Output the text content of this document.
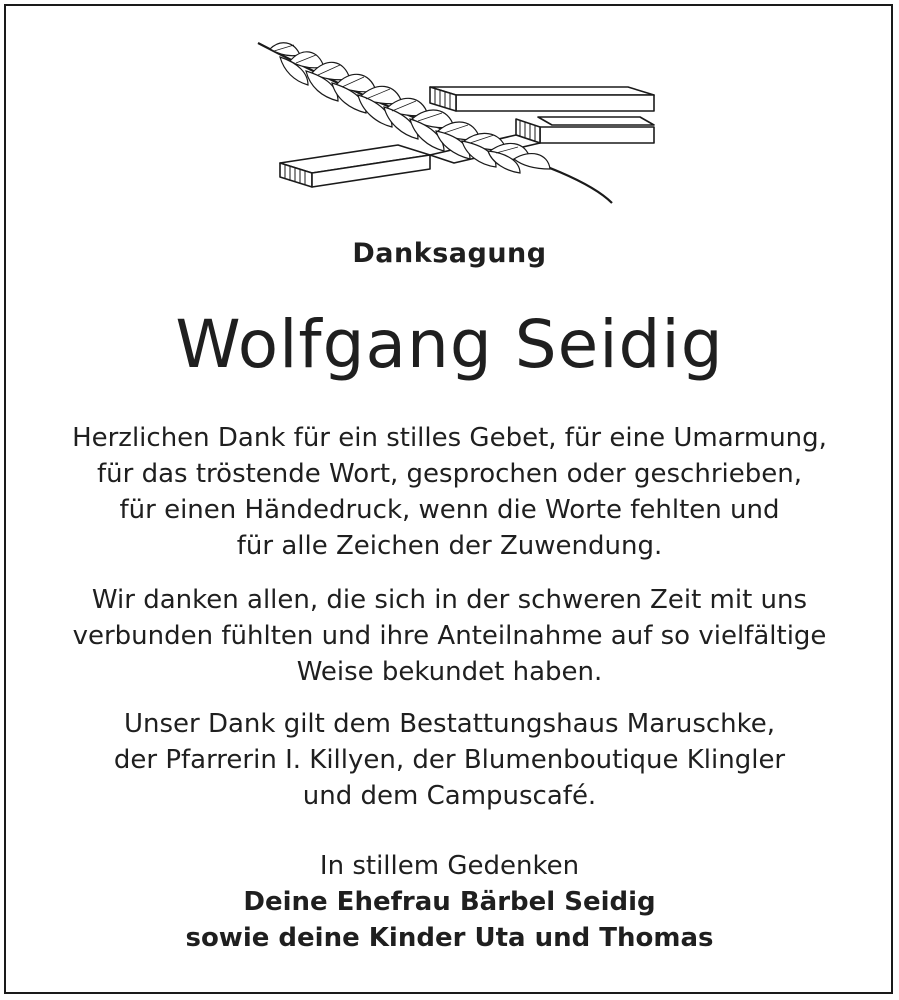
Danksagung
Wolfgang Seidig
Herzlichen Dank für ein stilles Gebet, für eine Umarmung,
für das tröstende Wort, gesprochen oder geschrieben,
für einen Händedruck, wenn die Worte fehlten und
für alle Zeichen der Zuwendung.
Wir danken allen, die sich in der schweren Zeit mit uns
verbunden fühlten und ihre Anteilnahme auf so vielfältige
Weise bekundet haben.
Unser Dank gilt dem Bestattungshaus Maruschke,
der Pfarrerin I. Killyen, der Blumenboutique Klingler
und dem Campuscafé.
In stillem Gedenken
Deine Ehefrau Bärbel Seidig
sowie deine Kinder Uta und Thomas
